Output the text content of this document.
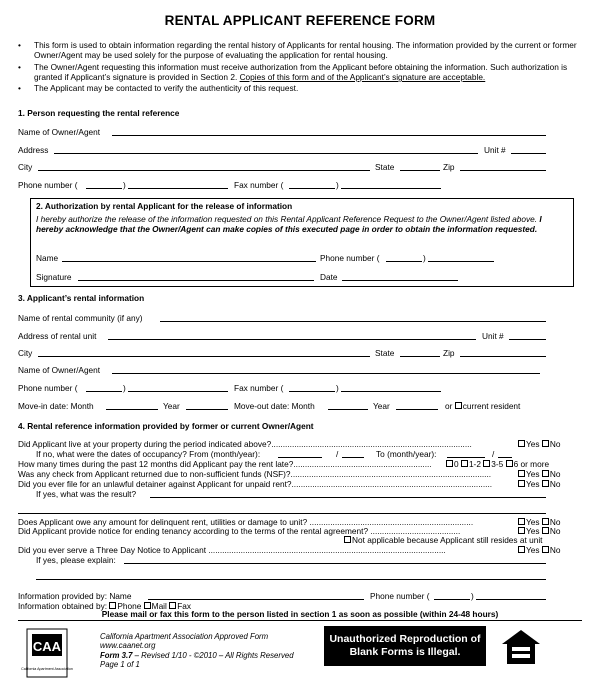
RENTAL APPLICANT REFERENCE FORM
• This form is used to obtain information regarding the rental history of Applicants for rental housing. The information provided by the current or former Owner/Agent may be used solely for the purpose of evaluating the application for rental housing.
• The Owner/Agent requesting this information must receive authorization from the Applicant before obtaining the information. Such authorization is granted if Applicant’s signature is provided in Section 2. Copies of this form and of the Applicant’s signature are acceptable.
• The Applicant may be contacted to verify the authenticity of this request.
1. Person requesting the rental reference
Name of Owner/Agent
Address	Unit #
City	State	Zip
Phone number (	)	Fax number (	)
2. Authorization by rental Applicant for the release of information
I hereby authorize the release of the information requested on this Rental Applicant Reference Request to the Owner/Agent listed above. I hereby acknowledge that the Owner/Agent can make copies of this executed page in order to obtain the information requested.
Name	Phone number (	)
Signature	Date
3. Applicant’s rental information
Name of rental community (if any)
Address of rental unit	Unit #
City	State	Zip
Name of Owner/Agent
Phone number (	)	Fax number (	)
Move-in date: Month	Year	Move-out date: Month	Year	or current resident
4. Rental reference information provided by former or current Owner/Agent
Did Applicant live at your property during the period indicated above?.......................................................................................	Yes No
If no, what were the dates of occupancy? From (month/year):	/	To (month/year):	/
How many times during the past 12 months did Applicant pay the rent late?............................................................	0 1-2 3-5 6 or more
Was any check from Applicant returned due to non-sufficient funds (NSF)?.......................................................................................	Yes No
Did you ever file for an unlawful detainer against Applicant for unpaid rent?.......................................................................................	Yes No
If yes, what was the result?
Does Applicant owe any amount for delinquent rent, utilities or damage to unit? .......................................................................	Yes No
Did Applicant provide notice for ending tenancy according to the terms of the rental agreement? .......................................	Yes No
Not applicable because Applicant still resides at unit
Did you ever serve a Three Day Notice to Applicant .......................................................................................................	Yes No
If yes, please explain:
Information provided by: Name	Phone number (	)
Information obtained by: Phone Mail Fax
Please mail or fax this form to the person listed in section 1 as soon as possible (within 24-48 hours)
CAA
California Apartment Association
California Apartment Association Approved Form
www.caanet.org
Form 3.7 – Revised 1/10 - ©2010 – All Rights Reserved
Page 1 of 1
Unauthorized Reproduction of Blank Forms is Illegal.
